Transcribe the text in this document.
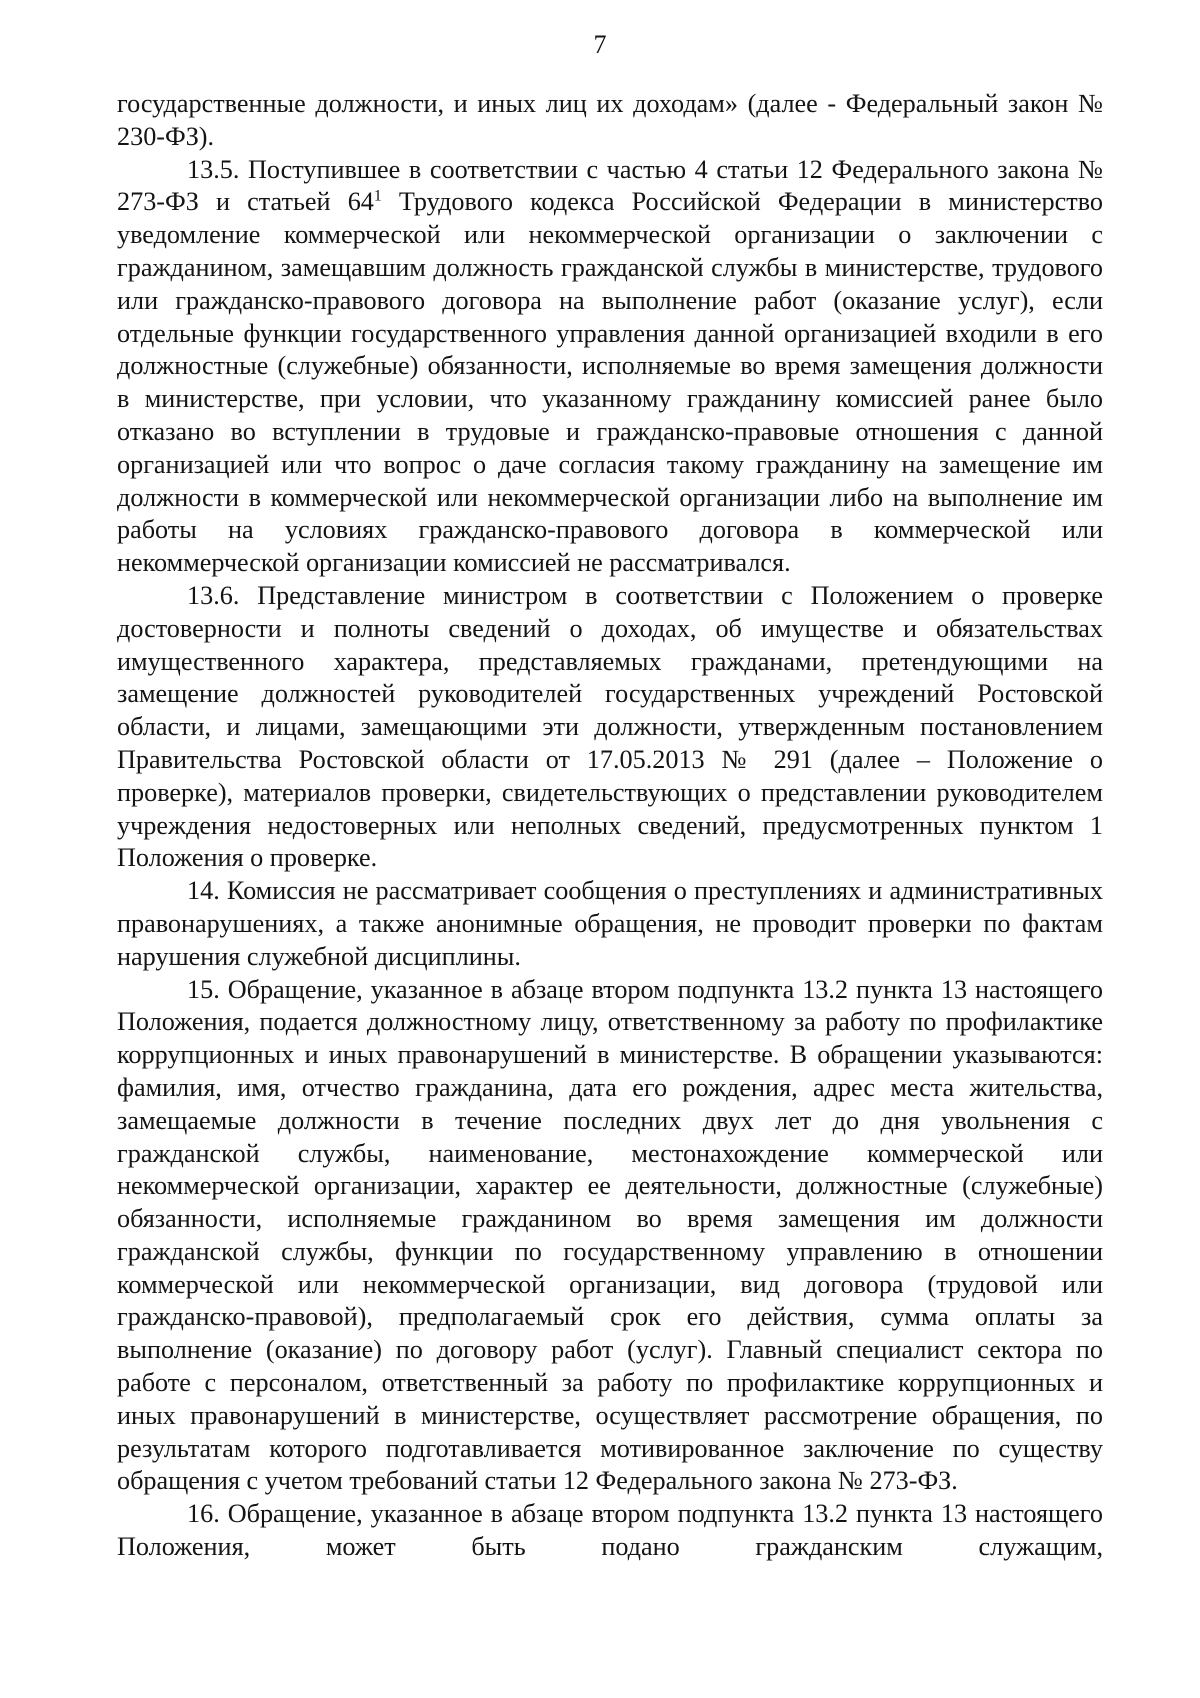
7

государственные должности, и иных лиц их доходам» (далее - Федеральный закон № 230-ФЗ).

13.5. Поступившее в соответствии с частью 4 статьи 12 Федерального закона № 273-ФЗ и статьей $64^1$ Трудового кодекса Российской Федерации в министерство уведомление коммерческой или некоммерческой организации о заключении с гражданином, замещавшим должность гражданской службы в министерстве, трудового или гражданско-правового договора на выполнение работ (оказание услуг), если отдельные функции государственного управления данной организацией входили в его должностные (служебные) обязанности, исполняемые во время замещения должности в министерстве, при условии, что указанному гражданину комиссией ранее было отказано во вступлении в трудовые и гражданско-правовые отношения с данной организацией или что вопрос о даче согласия такому гражданину на замещение им должности в коммерческой или некоммерческой организации либо на выполнение им работы на условиях гражданско-правового договора в коммерческой или некоммерческой организации комиссией не рассматривался.

13.6. Представление министром в соответствии с Положением о проверке достоверности и полноты сведений о доходах, об имуществе и обязательствах имущественного характера, представляемых гражданами, претендующими на замещение должностей руководителей государственных учреждений Ростовской области, и лицами, замещающими эти должности, утвержденным постановлением Правительства Ростовской области от 17.05.2013 № 291 (далее – Положение о проверке), материалов проверки, свидетельствующих о представлении руководителем учреждения недостоверных или неполных сведений, предусмотренных пунктом 1 Положения о проверке.

14. Комиссия не рассматривает сообщения о преступлениях и административных правонарушениях, а также анонимные обращения, не проводит проверки по фактам нарушения служебной дисциплины.

15. Обращение, указанное в абзаце втором подпункта 13.2 пункта 13 настоящего Положения, подается должностному лицу, ответственному за работу по профилактике коррупционных и иных правонарушений в министерстве. В обращении указываются: фамилия, имя, отчество гражданина, дата его рождения, адрес места жительства, замещаемые должности в течение последних двух лет до дня увольнения с гражданской службы, наименование, местонахождение коммерческой или некоммерческой организации, характер ее деятельности, должностные (служебные) обязанности, исполняемые гражданином во время замещения им должности гражданской службы, функции по государственному управлению в отношении коммерческой или некоммерческой организации, вид договора (трудовой или гражданско-правовой), предполагаемый срок его действия, сумма оплаты за выполнение (оказание) по договору работ (услуг). Главный специалист сектора по работе с персоналом, ответственный за работу по профилактике коррупционных и иных правонарушений в министерстве, осуществляет рассмотрение обращения, по результатам которого подготавливается мотивированное заключение по существу обращения с учетом требований статьи 12 Федерального закона № 273-ФЗ.

16. Обращение, указанное в абзаце втором подпункта 13.2 пункта 13 настоящего Положения, может быть подано гражданским служащим,
